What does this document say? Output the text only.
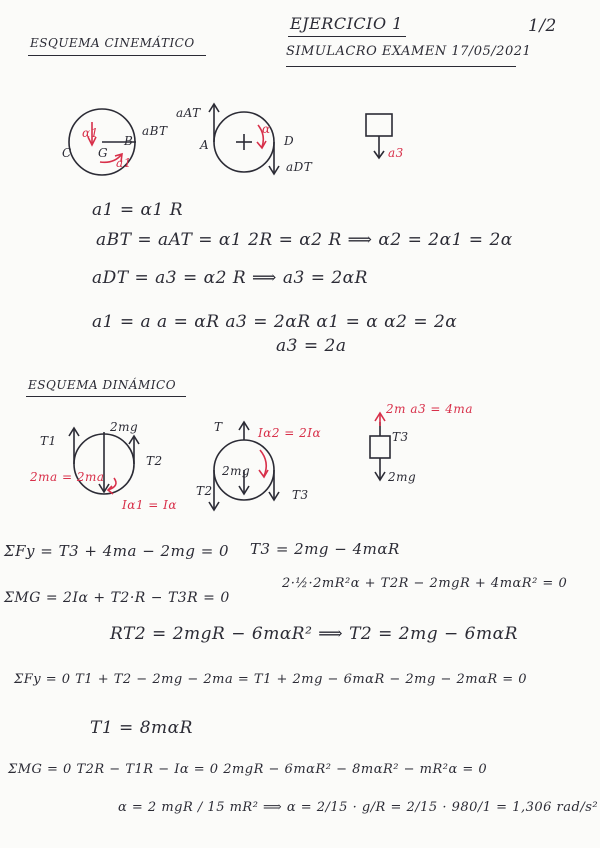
EJERCICIO 1	1/2
SIMULACRO EXAMEN 17/05/2021
ESQUEMA CINEMÁTICO
α1
C G
B
aBT
a1
aAT
A	D
α
aDT
a3
a1 = α1 R
aBT = aAT = α1 2R = α2 R ⟹ α2 = 2α1 = 2α
aDT = a3 = α2 R ⟹ a3 = 2αR
a1 = a a = αR a3 = 2αR α1 = α α2 = 2α
a3 = 2a
ESQUEMA DINÁMICO
T1
2mg
T2
2ma = 2ma
Iα1 = Iα
T	Iα2 = 2Iα
2mg
T2	T3
2m a3 = 4ma
T3
2mg
ΣFy = T3 + 4ma − 2mg = 0 T3 = 2mg − 4mαR
ΣMG = 2Iα + T2·R − T3R = 0
2·½·2mR²α + T2R − 2mgR + 4mαR² = 0
RT2 = 2mgR − 6mαR² ⟹ T2 = 2mg − 6mαR
ΣFy = 0 T1 + T2 − 2mg − 2ma = T1 + 2mg − 6mαR − 2mg − 2mαR = 0
T1 = 8mαR
ΣMG = 0 T2R − T1R − Iα = 0 2mgR − 6mαR² − 8mαR² − mR²α = 0
α = 2 mgR / 15 mR² ⟹ α = 2/15 · g/R = 2/15 · 980/1 = 1,306 rad/s²
